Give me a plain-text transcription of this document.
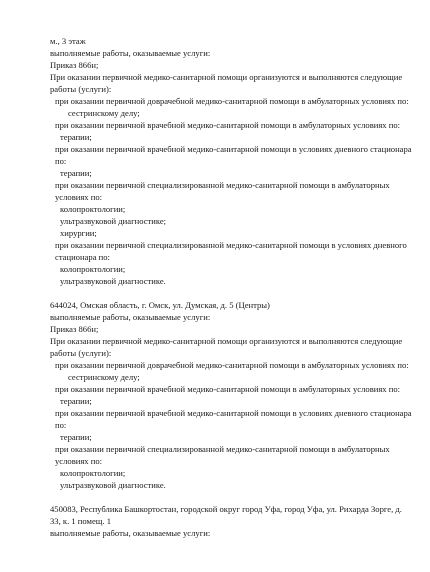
м., 3 этаж
выполняемые работы, оказываемые услуги:
Приказ 866н;
При оказании первичной медико-санитарной помощи организуются и выполняются следующие работы (услуги):
при оказании первичной доврачебной медико-санитарной помощи в амбулаторных условиях по:
сестринскому делу;
при оказании первичной врачебной медико-санитарной помощи в амбулаторных условиях по:
терапии;
при оказании первичной врачебной медико-санитарной помощи в условиях дневного стационара по:
терапии;
при оказании первичной специализированной медико-санитарной помощи в амбулаторных условиях по:
колопроктологии;
ультразвуковой диагностике;
хирургии;
при оказании первичной специализированной медико-санитарной помощи в условиях дневного стационара по:
колопроктологии;
ультразвуковой диагностике.
644024, Омская область, г. Омск, ул. Думская, д. 5 (Центры)
выполняемые работы, оказываемые услуги:
Приказ 866н;
При оказании первичной медико-санитарной помощи организуются и выполняются следующие работы (услуги):
при оказании первичной доврачебной медико-санитарной помощи в амбулаторных условиях по:
сестринскому делу;
при оказании первичной врачебной медико-санитарной помощи в амбулаторных условиях по:
терапии;
при оказании первичной врачебной медико-санитарной помощи в условиях дневного стационара по:
терапии;
при оказании первичной специализированной медико-санитарной помощи в амбулаторных условиях по:
колопроктологии;
ультразвуковой диагностике.
450083, Республика Башкортостан, городской округ город Уфа, город Уфа, ул. Рихарда Зорге, д. 33, к. 1 помещ. 1
выполняемые работы, оказываемые услуги:
